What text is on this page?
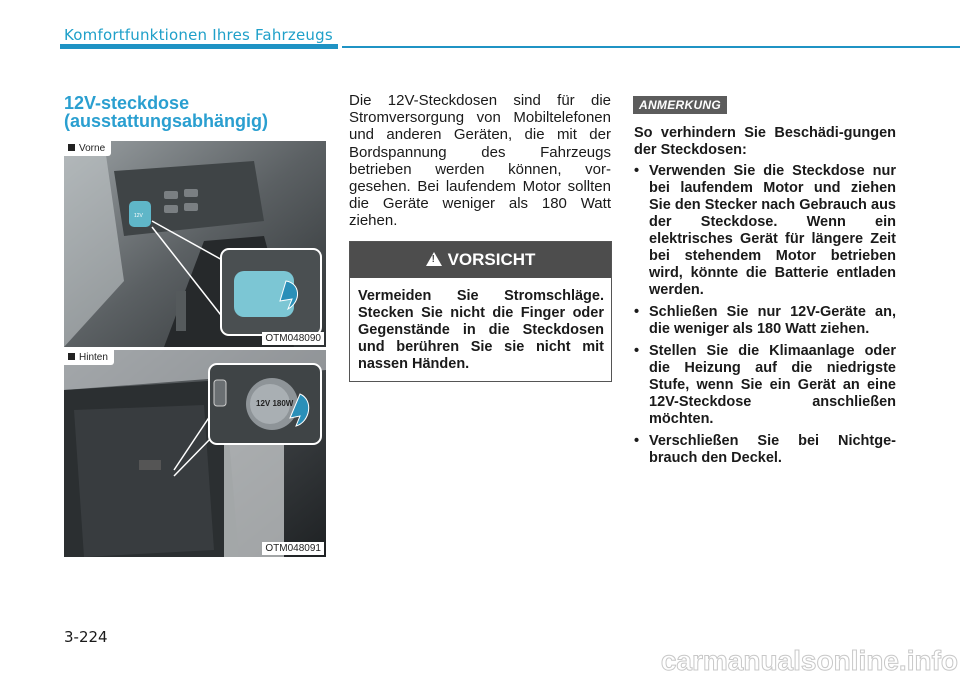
Komfortfunktionen Ihres Fahrzeugs
12V-steckdose
(ausstattungsabhängig)
12V
Vorne
OTM048090
12V 180W
Hinten
OTM048091
Die 12V-Steckdosen sind für die Stromversorgung von Mobiltelefonen und anderen Geräten, die mit der Bordspannung des Fahrzeugs betrieben werden können, vor-gesehen. Bei laufendem Motor sollten die Geräte weniger als 180 Watt ziehen.
! VORSICHT
Vermeiden Sie Stromschläge. Stecken Sie nicht die Finger oder Gegenstände in die Steckdosen und berühren Sie sie nicht mit nassen Händen.
ANMERKUNG
So verhindern Sie Beschädi-gungen der Steckdosen:
• Verwenden Sie die Steckdose nur bei laufendem Motor und ziehen Sie den Stecker nach Gebrauch aus der Steckdose. Wenn ein elektrisches Gerät für längere Zeit bei stehendem Motor betrieben wird, könnte die Batterie entladen werden.
• Schließen Sie nur 12V-Geräte an, die weniger als 180 Watt ziehen.
• Stellen Sie die Klimaanlage oder die Heizung auf die niedrigste Stufe, wenn Sie ein Gerät an eine 12V-Steckdose anschließen möchten.
• Verschließen Sie bei Nichtge-brauch den Deckel.
3-224
carmanualsonline.info
